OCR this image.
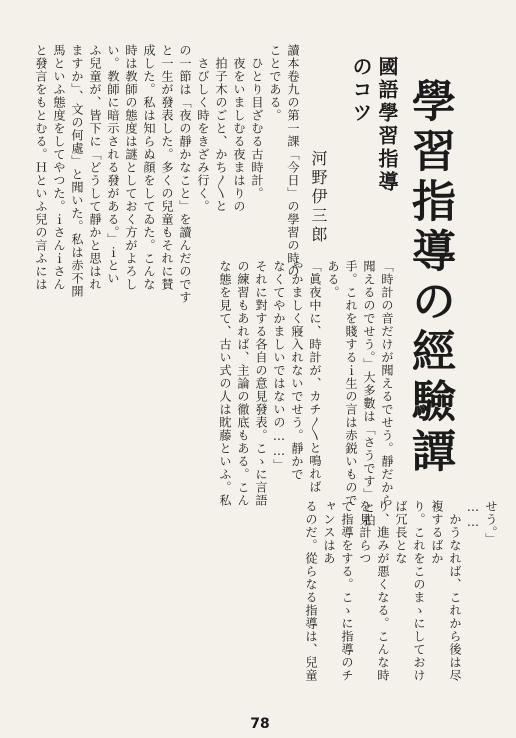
學習指導の經驗譚
國語學習指導
のコツ
河野伊三郎
「時計の音だけが聞えるでせう。靜だから
聞えるのでせう。」大多數は「さうです」と拍
手。これを賤するｉ生の言は赤鋭いもので
ある。
「眞夜中に、時計が、カチ〳〵と鳴れば
やかましく寢入れないでせう。靜かで
なくてやかましいではないの……」
それに對する各自の意見發表。こゝに言語
の練習もあれば、主論の徹底もある。こん
な態を見て、古い式の人は眈藤といふ。私
讀本卷九の第一課「今日」の學習の時の
ことである。
　ひとり目ざむる古時計。
　夜をいましむる夜まはりの
　拍子木のごと、かち〳〵と
　さびしく時をきざみ行く。
の一節は「夜の靜かなこと」を讀んだのです
と一生が發表した。多くの兒童もそれに賛
成した。私は知らぬ顔をしてゐた。こんな
時は教師の態度は謎としておく方がよろし
い。教師に暗示される發がある。」ｉとい
ふ兒童が、皆下に「どうして靜かと思はれ
ますか」、文の何處」と聞いた。私は赤不開
馬といふ態度をしてやつた。ｉさんｉさん
と發言をもとむる。Ｈといふ兒の言ふには
せう。」
……
　かうなれば、これから後は尽複するばか
り。これをこのまゝにしておけば冗長とな
り、進みが悪くなる。こんな時を見計らつ
て指導をする。こゝに指導のチャンスはあ
るのだ。從らなる指導は、兒童
78
